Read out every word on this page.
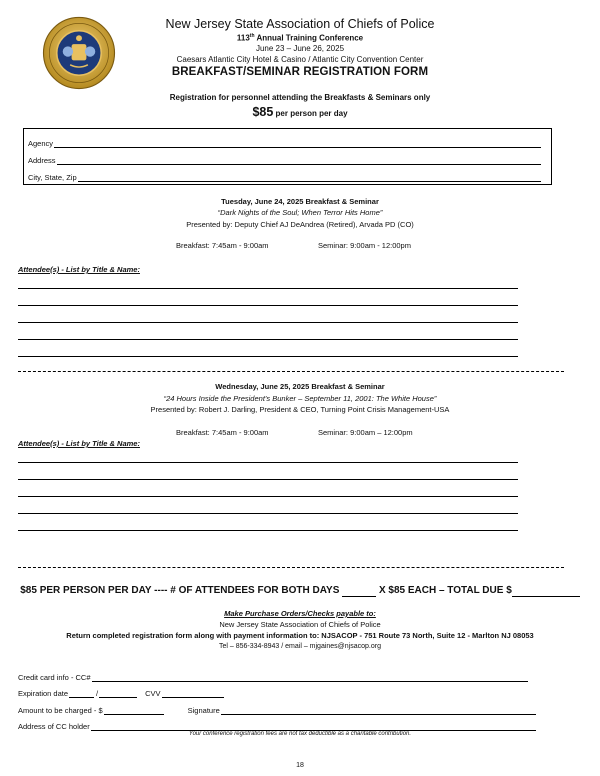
New Jersey State Association of Chiefs of Police
113th Annual Training Conference
June 23 – June 26, 2025
Caesars Atlantic City Hotel & Casino / Atlantic City Convention Center
BREAKFAST/SEMINAR REGISTRATION FORM
Registration for personnel attending the Breakfasts & Seminars only
$85 per person per day
Agency
Address
City, State, Zip
Tuesday, June 24, 2025 Breakfast & Seminar
“Dark Nights of the Soul; When Terror Hits Home”
Presented by: Deputy Chief AJ DeAndrea (Retired), Arvada PD (CO)
Breakfast: 7:45am - 9:00am	Seminar: 9:00am - 12:00pm
Attendee(s) - List by Title & Name:
Wednesday, June 25, 2025 Breakfast & Seminar
“24 Hours Inside the President’s Bunker – September 11, 2001: The White House”
Presented by: Robert J. Darling, President & CEO, Turning Point Crisis Management-USA
Breakfast: 7:45am - 9:00am	Seminar: 9:00am – 12:00pm
Attendee(s) - List by Title & Name:
$85 PER PERSON PER DAY ---- # OF ATTENDEES FOR BOTH DAYS	X $85 EACH – TOTAL DUE $
Make Purchase Orders/Checks payable to:
New Jersey State Association of Chiefs of Police
Return completed registration form along with payment information to: NJSACOP - 751 Route 73 North, Suite 12 - Marlton NJ 08053
Tel – 856-334-8943 / email – mjgaines@njsacop.org
Credit card info - CC#
Expiration date	/	CVV
Amount to be charged - $	Signature
Address of CC holder
Your conference registration fees are not tax deductible as a charitable contribution.
18
